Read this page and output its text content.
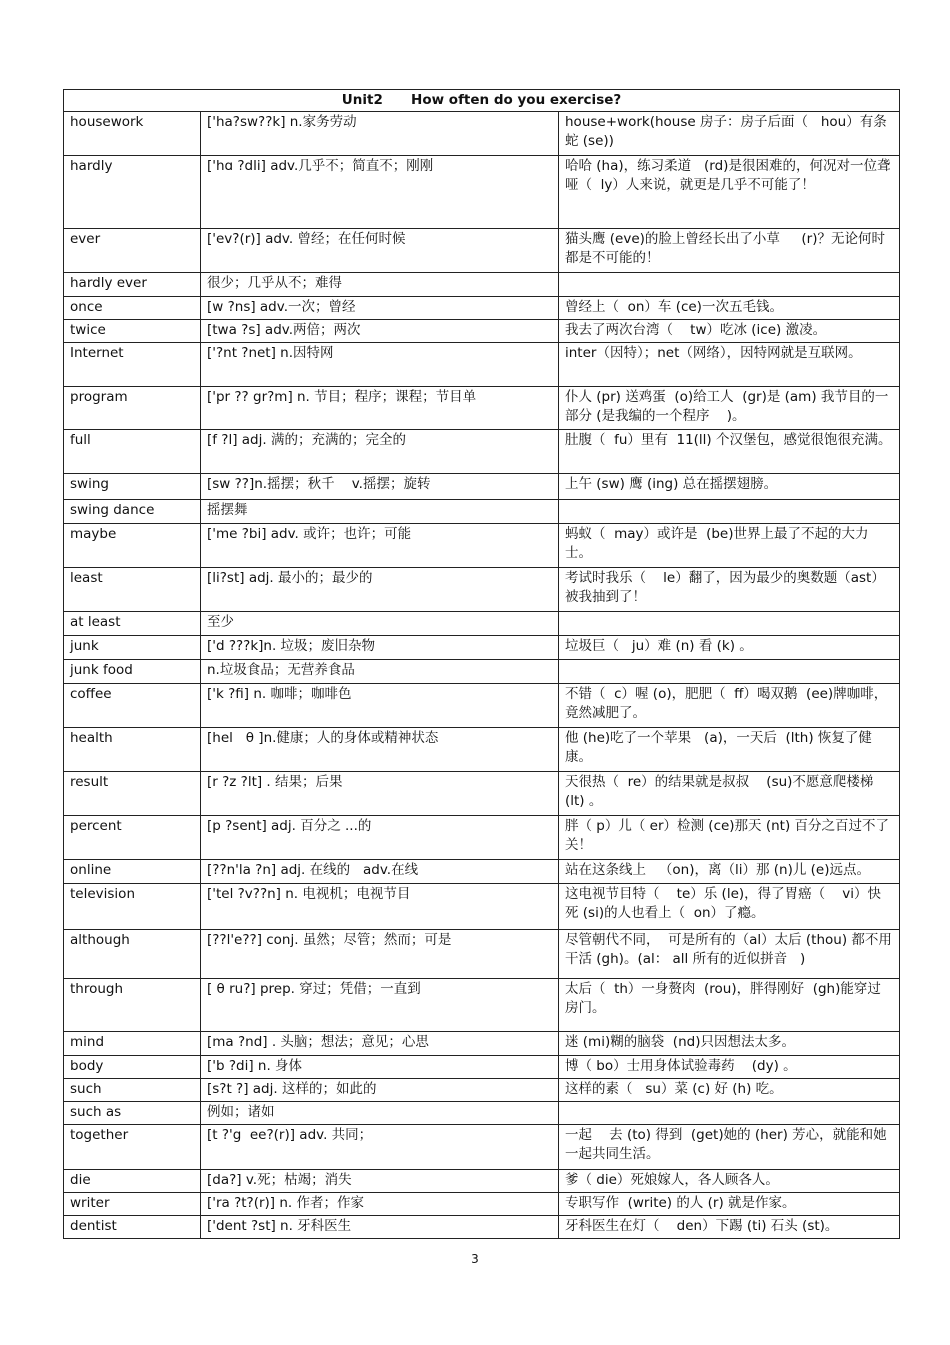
Unit2      How often do you exercise?		
housework	['ha?sw??k] n.家务劳动	house+work(house 房子：房子后面（   hou）有条蛇 (se))
hardly	['hɑ ?dli] adv.几乎不；简直不；刚刚	哈哈 (ha)，练习柔道   (rd)是很困难的，何况对一位聋哑（  ly）人来说，就更是几乎不可能了！
ever	['ev?(r)] adv. 曾经；在任何时候	猫头鹰 (eve)的脸上曾经长出了小草     (r)？无论何时都是不可能的！
hardly ever	很少；几乎从不；难得	
once	[w ?ns] adv.一次；曾经	曾经上（  on）车 (ce)一次五毛钱。
twice	[twa ?s] adv.两倍；两次	我去了两次台湾（    tw）吃冰 (ice) 激凌。
Internet	['?nt ?net] n.因特网	inter（因特）；net（网络），因特网就是互联网。
program	['pr ?? gr?m] n. 节目；程序；课程；节目单	仆人 (pr) 送鸡蛋  (o)给工人  (gr)是 (am) 我节目的一部分 (是我编的一个程序    )。
full	[f ?l] adj. 满的；充满的；完全的	肚腹（  fu）里有  11(ll) 个汉堡包，感觉很饱很充满。
swing	[sw ??]n.摇摆；秋千    v.摇摆；旋转	上午 (sw) 鹰 (ing) 总在摇摆翅膀。
swing dance	摇摆舞	
maybe	['me ?bi] adv. 或许；也许；可能	蚂蚁（  may）或许是  (be)世界上最了不起的大力士。
least	[li?st] adj. 最小的；最少的	考试时我乐（    le）翻了，因为最少的奥数题（ast）被我抽到了！
at least	至少	
junk	['d ???k]n. 垃圾；废旧杂物	垃圾巨（   ju）难 (n) 看 (k) 。
junk food	n.垃圾食品；无营养食品	
coffee	['k ?fi] n. 咖啡；咖啡色	不错（  c）喔 (o)，肥肥（  ff）喝双鹅  (ee)牌咖啡，竟然减肥了。
health	[hel   θ ]n.健康；人的身体或精神状态	他 (he)吃了一个苹果   (a)，一天后  (lth) 恢复了健康。
result	[r ?z ?lt] . 结果；后果	天很热（  re）的结果就是叔叔    (su)不愿意爬楼梯 (lt) 。
percent	[p ?sent] adj. 百分之 ...的	胖（ p）儿（ er）检测 (ce)那天 (nt) 百分之百过不了关！
online	[??n'la ?n] adj. 在线的   adv.在线	站在这条线上   （on)，离（li）那 (n)儿 (e)远点。
television	['tel ?v??n] n. 电视机；电视节目	这电视节目特（    te）乐 (le)，得了胃癌（    vi）快死 (si)的人也看上（  on）了瘾。
although	[??l'e??] conj. 虽然；尽管；然而；可是	尽管朝代不同，  可是所有的（al）太后 (thou) 都不用干活 (gh)。(al： all 所有的近似拼音   )
through	[ θ ru?] prep. 穿过；凭借；一直到	太后（  th）一身赘肉  (rou)，胖得刚好  (gh)能穿过房门。
mind	[ma ?nd] . 头脑；想法；意见；心思	迷 (mi)糊的脑袋  (nd)只因想法太多。
body	['b ?di] n. 身体	博（ bo）士用身体试验毒药    (dy) 。
such	[s?t ?] adj. 这样的；如此的	这样的素（   su）菜 (c) 好 (h) 吃。
such as	例如；诸如	
together	[t ?'g  ee?(r)] adv. 共同；	一起    去 (to) 得到  (get)她的 (her) 芳心，就能和她一起共同生活。
die	[da?] v.死；枯竭；消失	爹（ die）死娘嫁人，各人顾各人。
writer	['ra ?t?(r)] n. 作者；作家	专职写作  (write) 的人 (r) 就是作家。
dentist	['dent ?st] n. 牙科医生	牙科医生在灯（    den）下踢 (ti) 石头 (st)。
3
